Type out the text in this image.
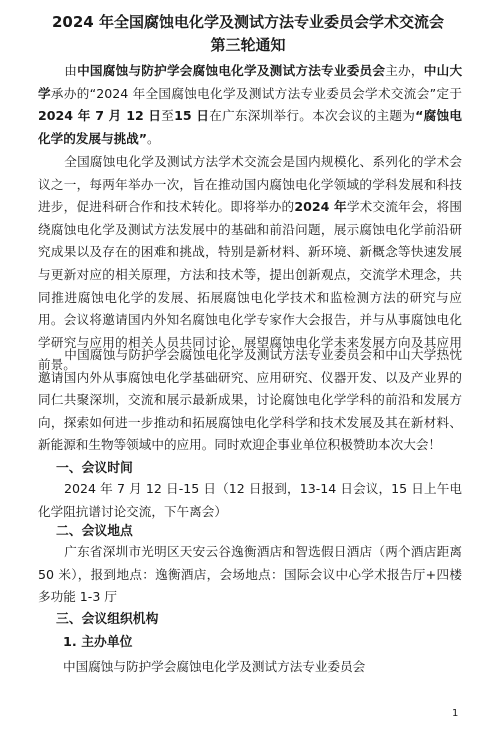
2024 年全国腐蚀电化学及测试方法专业委员会学术交流会
第三轮通知
由中国腐蚀与防护学会腐蚀电化学及测试方法专业委员会主办，中山大学承办的“2024 年全国腐蚀电化学及测试方法专业委员会学术交流会”定于2024 年 7 月 12 日至15 日在广东深圳举行。本次会议的主题为“腐蚀电化学的发展与挑战”。
全国腐蚀电化学及测试方法学术交流会是国内规模化、系列化的学术会议之一，每两年举办一次，旨在推动国内腐蚀电化学领域的学科发展和科技进步，促进科研合作和技术转化。即将举办的2024 年学术交流年会，将围绕腐蚀电化学及测试方法发展中的基础和前沿问题，展示腐蚀电化学前沿研究成果以及存在的困难和挑战，特别是新材料、新环境、新概念等快速发展与更新对应的相关原理，方法和技术等，提出创新观点，交流学术理念，共同推进腐蚀电化学的发展、拓展腐蚀电化学技术和监检测方法的研究与应用。会议将邀请国内外知名腐蚀电化学专家作大会报告，并与从事腐蚀电化学研究与应用的相关人员共同讨论，展望腐蚀电化学未来发展方向及其应用前景。
中国腐蚀与防护学会腐蚀电化学及测试方法专业委员会和中山大学热忱邀请国内外从事腐蚀电化学基础研究、应用研究、仪器开发、以及产业界的同仁共聚深圳，交流和展示最新成果，讨论腐蚀电化学学科的前沿和发展方向，探索如何进一步推动和拓展腐蚀电化学科学和技术发展及其在新材料、新能源和生物等领域中的应用。同时欢迎企事业单位积极赞助本次大会！
一、会议时间
2024 年 7 月 12 日-15 日（12 日报到，13-14 日会议，15 日上午电化学阻抗谱讨论交流，下午离会）
二、会议地点
广东省深圳市光明区天安云谷逸衡酒店和智选假日酒店（两个酒店距离 50 米），报到地点：逸衡酒店，会场地点：国际会议中心学术报告厅+四楼多功能 1-3 厅
三、会议组织机构
1. 主办单位
中国腐蚀与防护学会腐蚀电化学及测试方法专业委员会
1
